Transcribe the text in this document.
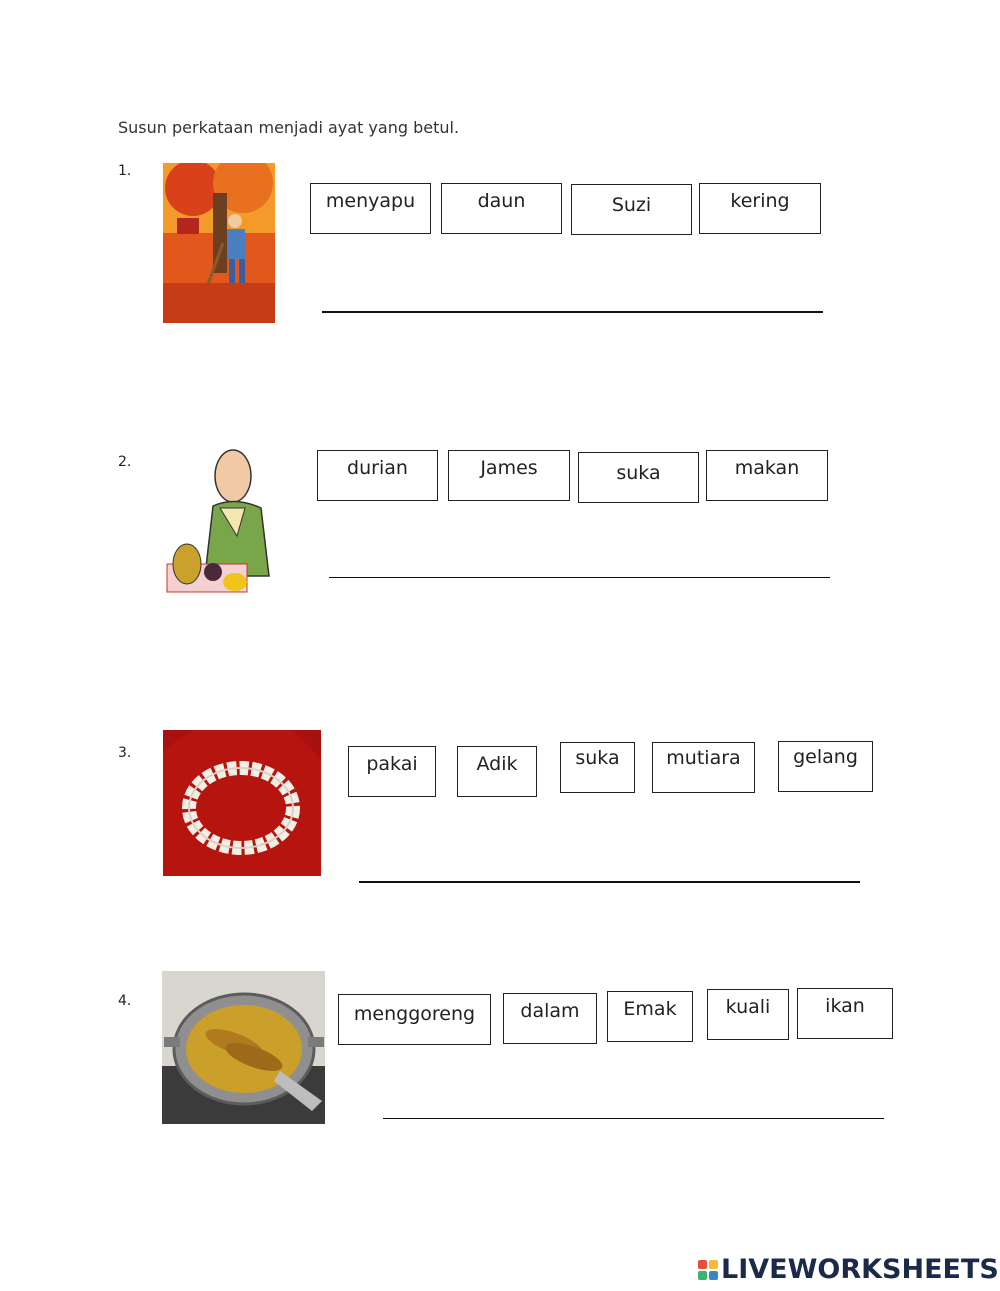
Susun perkataan menjadi ayat yang betul.
1.
menyapu	daun	Suzi	kering
2.	durian	James	suka	makan
3.	pakai	Adik	suka	mutiara	gelang
4.
menggoreng	dalam	Emak	kuali	ikan
LIVEWORKSHEETS
